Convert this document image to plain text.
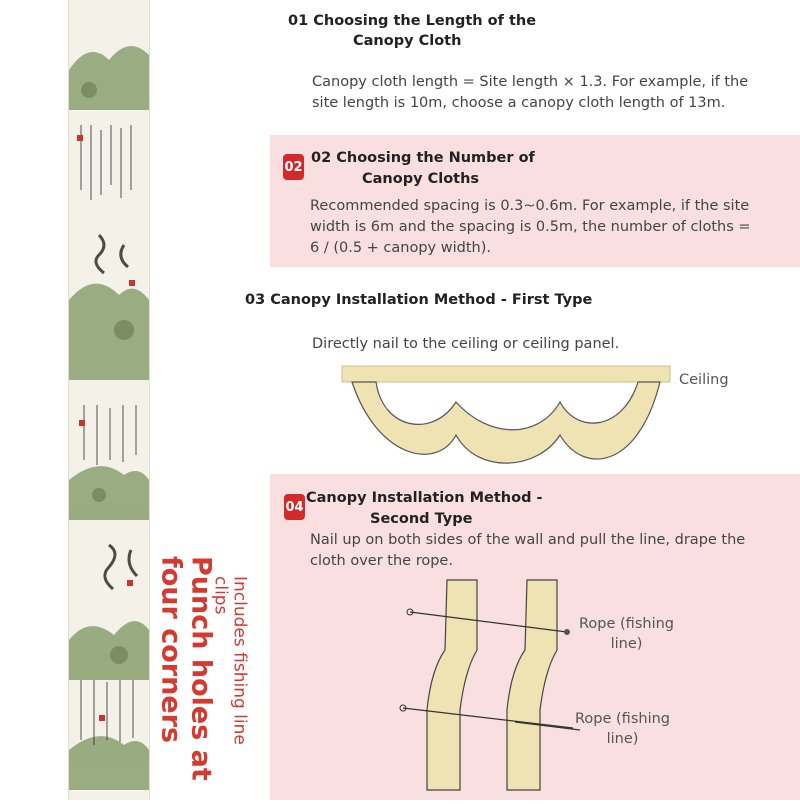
01 Choosing the Length of the
Canopy Cloth
Canopy cloth length = Site length × 1.3. For example, if the
site length is 10m, choose a canopy cloth length of 13m.
02
02 Choosing the Number of
Canopy Cloths
Recommended spacing is 0.3~0.6m. For example, if the site
width is 6m and the spacing is 0.5m, the number of cloths =
6 / (0.5 + canopy width).
03 Canopy Installation Method - First Type
Directly nail to the ceiling or ceiling panel.
Ceiling
04
Canopy Installation Method -
Second Type
Nail up on both sides of the wall and pull the line, drape the
cloth over the rope.
Rope (fishing
line)
Rope (fishing
line)
Punch holes at
four corners	Includes fishing line
clips
